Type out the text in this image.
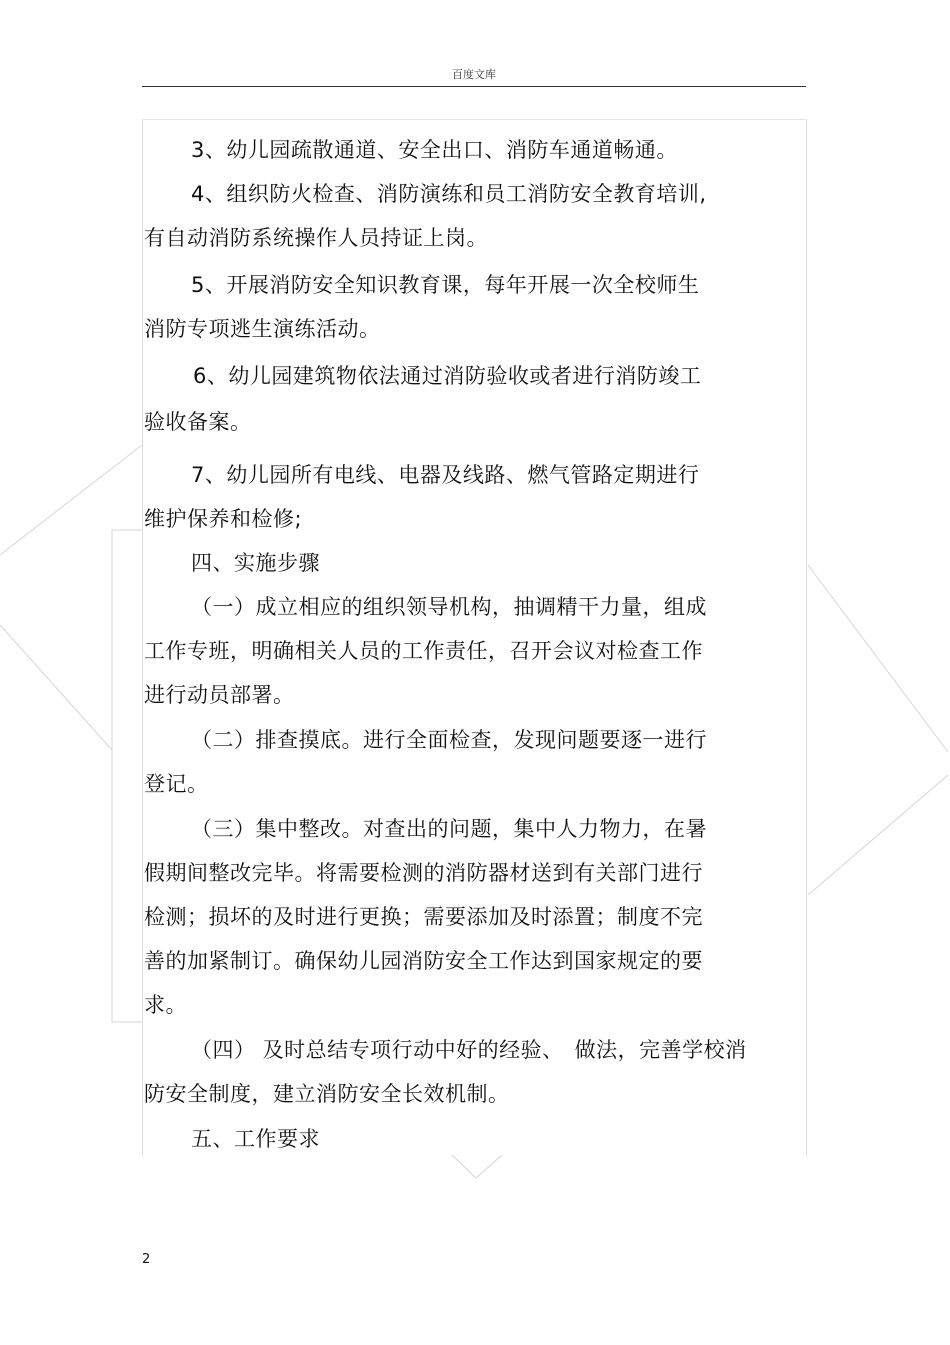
百度文库
3、幼儿园疏散通道、安全出口、消防车通道畅通。
4、组织防火检查、消防演练和员工消防安全教育培训,
有自动消防系统操作人员持证上岗。
5、开展消防安全知识教育课，每年开展一次全校师生
消防专项逃生演练活动。
6、幼儿园建筑物依法通过消防验收或者进行消防竣工
验收备案。
7、幼儿园所有电线、电器及线路、燃气管路定期进行
维护保养和检修;
四、实施步骤
（一）成立相应的组织领导机构，抽调精干力量，组成
工作专班，明确相关人员的工作责任，召开会议对检查工作
进行动员部署。
（二）排查摸底。进行全面检查，发现问题要逐一进行
登记。
（三）集中整改。对查出的问题，集中人力物力，在暑
假期间整改完毕。将需要检测的消防器材送到有关部门进行
检测；损坏的及时进行更换；需要添加及时添置；制度不完
善的加紧制订。确保幼儿园消防安全工作达到国家规定的要
求。
（四） 及时总结专项行动中好的经验、　做法，完善学校消
防安全制度，建立消防安全长效机制。
五、工作要求
2
